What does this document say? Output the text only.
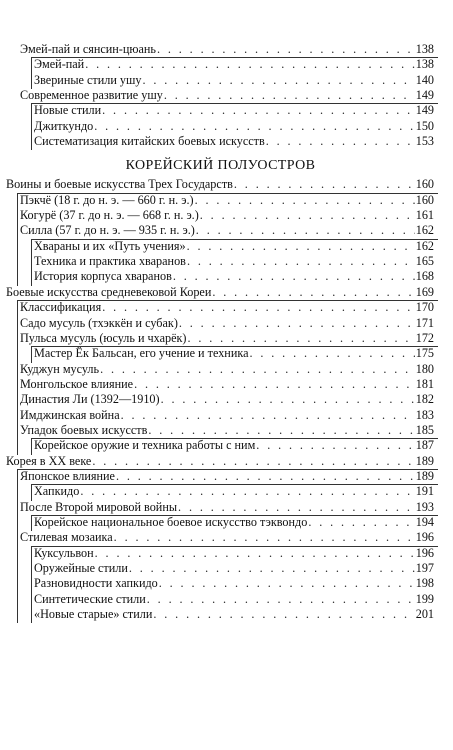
Эмей-пай и сянсин-цюань . . .	138
Эмей-пай . . .	138
Звериные стили ушу . . .	140
Современное развитие ушу . . .	149
Новые стили . . .	149
Джиткундо . . .	150
Систематизация китайских боевых искусств . . .	153
КОРЕЙСКИЙ ПОЛУОСТРОВ
Воины и боевые искусства Трех Государств . . .	160
Пэкчё (18 г. до н. э. — 660 г. н. э.) . . .	160
Когурё (37 г. до н. э. — 668 г. н. э.) . . .	161
Силла (57 г. до н. э. — 935 г. н. э.) . . .	162
Хвараны и их «Путь учения» . . .	162
Техника и практика хваранов . . .	165
История корпуса хваранов . . .	168
Боевые искусства средневековой Кореи . . .	169
Классификация . . .	170
Садо мусуль (тхэккён и субак) . . .	171
Пульса мусуль (юсуль и чхарёк) . . .	172
Мастер Ёк Бальсан, его учение и техника . . .	175
Куджун мусуль . . .	180
Монгольское влияние . . .	181
Династия Ли (1392—1910) . . .	182
Имджинская война . . .	183
Упадок боевых искусств . . .	185
Корейское оружие и техника работы с ним . . .	187
Корея в XX веке . . .	189
Японское влияние . . .	189
Хапкидо . . .	191
После Второй мировой войны . . .	193
Корейское национальное боевое искусство тэквондо . . .	194
Стилевая мозаика . . .	196
Куксульвон . . .	196
Оружейные стили . . .	197
Разновидности хапкидо . . .	198
Синтетические стили . . .	199
«Новые старые» стили . . .	201
